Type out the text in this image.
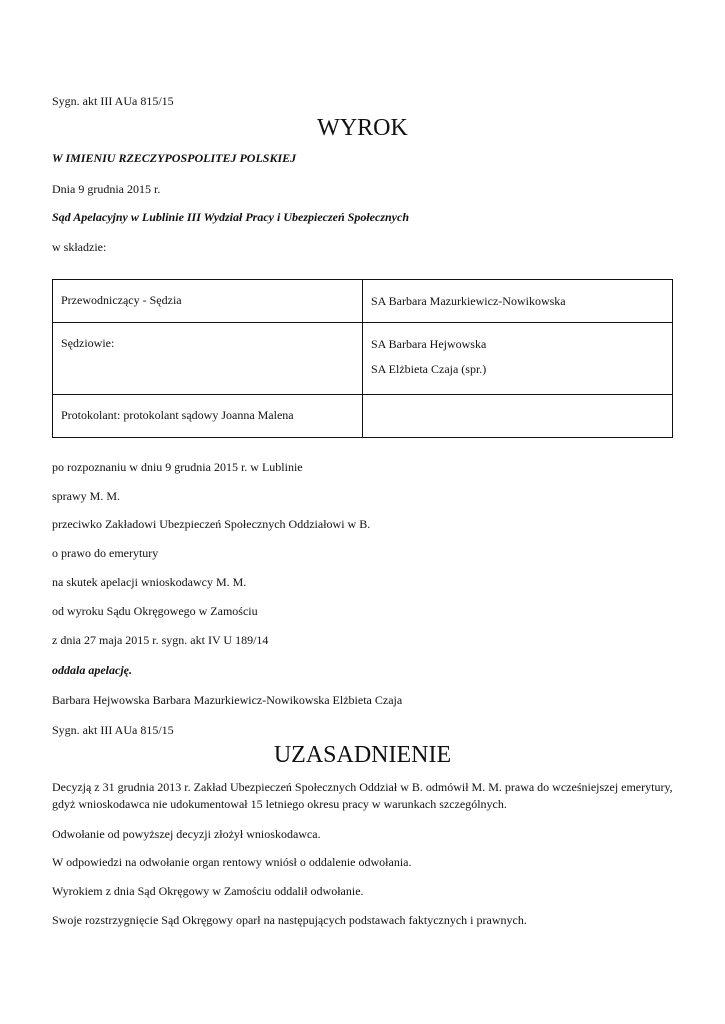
Sygn. akt III AUa 815/15
WYROK
W IMIENIU RZECZYPOSPOLITEJ POLSKIEJ
Dnia 9 grudnia 2015 r.
Sąd Apelacyjny w Lublinie III Wydział Pracy i Ubezpieczeń Społecznych
w składzie:
Przewodniczący - Sędzia	SA Barbara Mazurkiewicz-Nowikowska

Sędziowie:	SA Barbara Hejwowska
SA Elżbieta Czaja (spr.)

Protokolant: protokolant sądowy Joanna Malena	
po rozpoznaniu w dniu 9 grudnia 2015 r. w Lublinie
sprawy M. M.
przeciwko Zakładowi Ubezpieczeń Społecznych Oddziałowi w B.
o prawo do emerytury
na skutek apelacji wnioskodawcy M. M.
od wyroku Sądu Okręgowego w Zamościu
z dnia 27 maja 2015 r. sygn. akt IV U 189/14
oddala apelację.
Barbara Hejwowska Barbara Mazurkiewicz-Nowikowska Elżbieta Czaja
Sygn. akt III AUa 815/15
UZASADNIENIE
Decyzją z 31 grudnia 2013 r. Zakład Ubezpieczeń Społecznych Oddział w B. odmówił M. M. prawa do wcześniejszej emerytury, gdyż wnioskodawca nie udokumentował 15 letniego okresu pracy w warunkach szczególnych.
Odwołanie od powyższej decyzji złożył wnioskodawca.
W odpowiedzi na odwołanie organ rentowy wniósł o oddalenie odwołania.
Wyrokiem z dnia Sąd Okręgowy w Zamościu oddalił odwołanie.
Swoje rozstrzygnięcie Sąd Okręgowy oparł na następujących podstawach faktycznych i prawnych.
